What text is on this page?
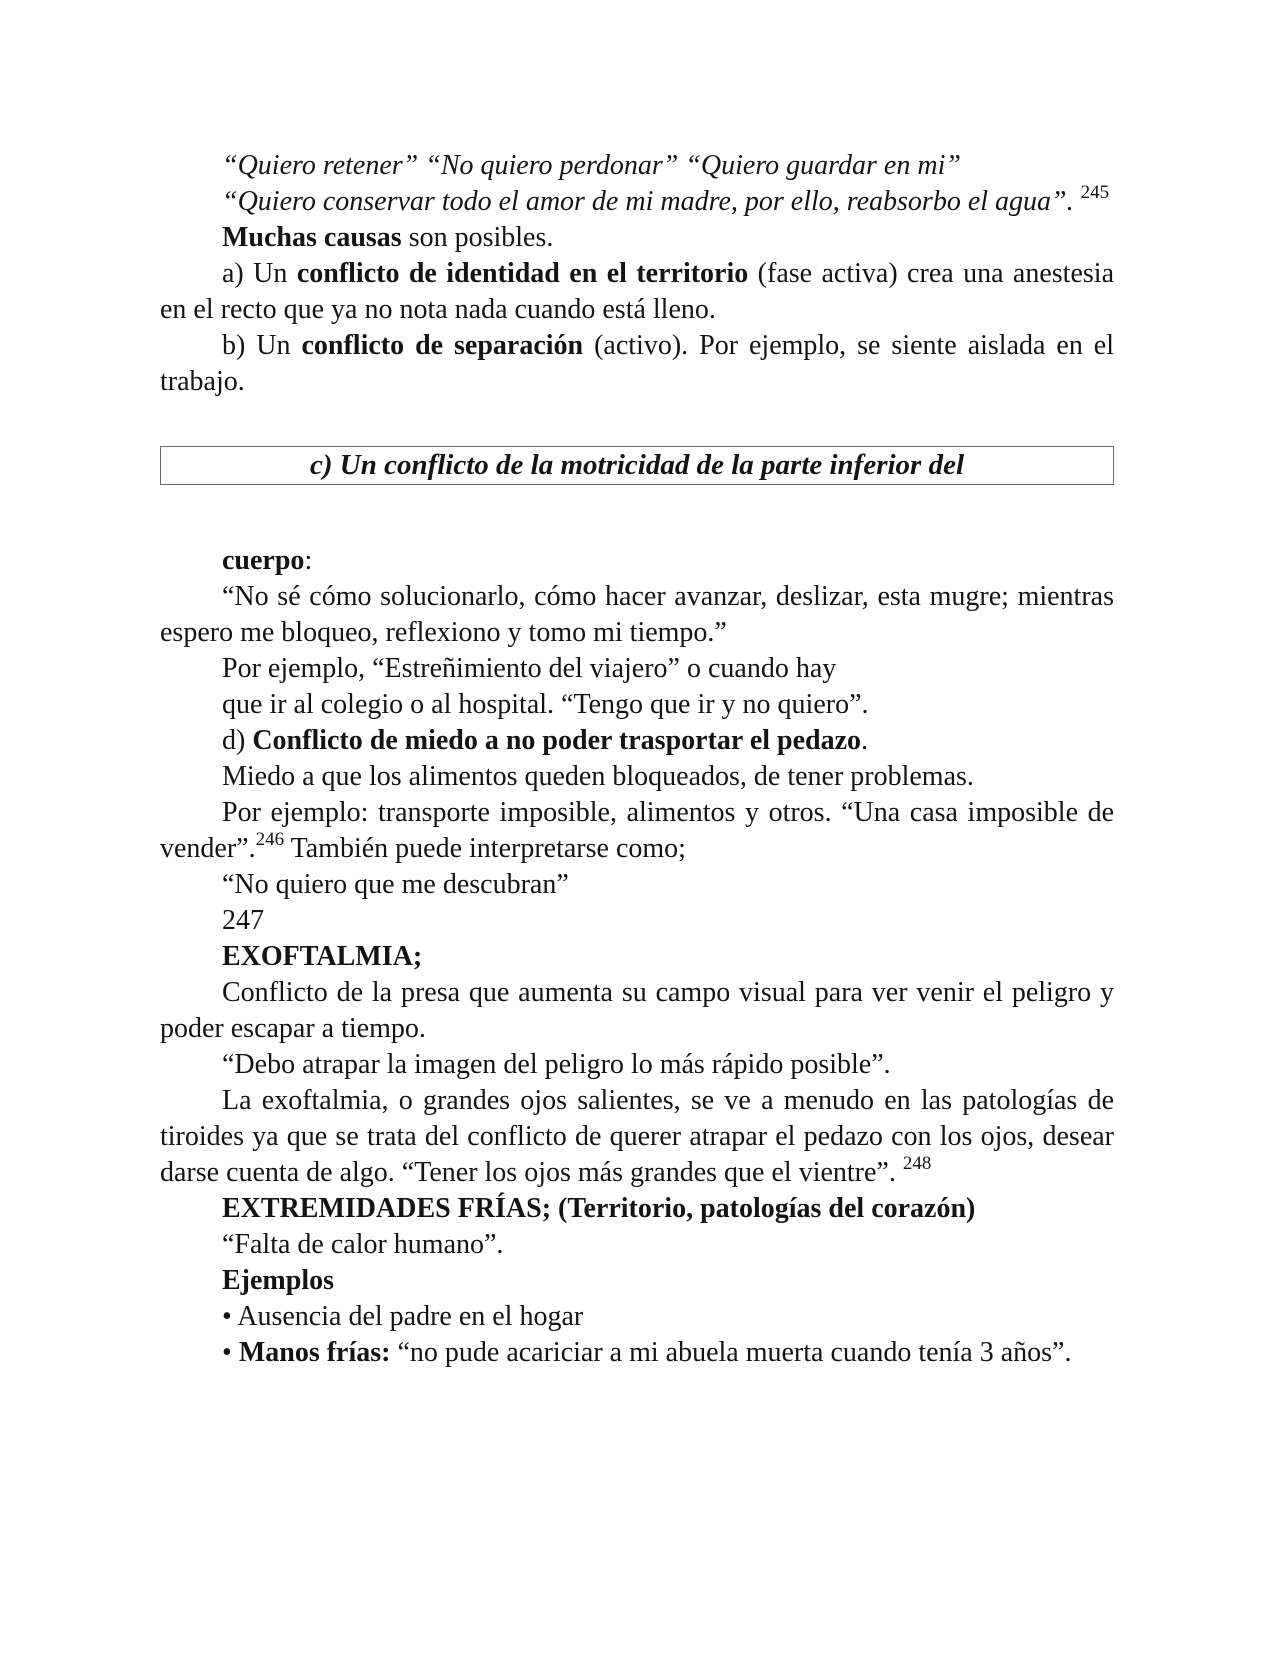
“Quiero retener” “No quiero perdonar” “Quiero guardar en mi”

“Quiero conservar todo el amor de mi madre, por ello, reabsorbo el agua”. $^{245}$

Muchas causas son posibles.

a) Un conflicto de identidad en el territorio (fase activa) crea una anestesia en el recto que ya no nota nada cuando está lleno.

b) Un conflicto de separación (activo). Por ejemplo, se siente aislada en el trabajo.

c) Un conflicto de la motricidad de la parte inferior del

cuerpo:

“No sé cómo solucionarlo, cómo hacer avanzar, deslizar, esta mugre; mientras espero me bloqueo, reflexiono y tomo mi tiempo.”

Por ejemplo, “Estreñimiento del viajero” o cuando hay

que ir al colegio o al hospital. “Tengo que ir y no quiero”.

d) Conflicto de miedo a no poder trasportar el pedazo.

Miedo a que los alimentos queden bloqueados, de tener problemas.

Por ejemplo: transporte imposible, alimentos y otros. “Una casa imposible de vender”.$^{246}$ También puede interpretarse como;

“No quiero que me descubran”

247

EXOFTALMIA;

Conflicto de la presa que aumenta su campo visual para ver venir el peligro y poder escapar a tiempo.

“Debo atrapar la imagen del peligro lo más rápido posible”.

La exoftalmia, o grandes ojos salientes, se ve a menudo en las patologías de tiroides ya que se trata del conflicto de querer atrapar el pedazo con los ojos, desear darse cuenta de algo. “Tener los ojos más grandes que el vientre”. $^{248}$

EXTREMIDADES FRÍAS; (Territorio, patologías del corazón)

“Falta de calor humano”.

Ejemplos

• Ausencia del padre en el hogar

• Manos frías: “no pude acariciar a mi abuela muerta cuando tenía 3 años”.
